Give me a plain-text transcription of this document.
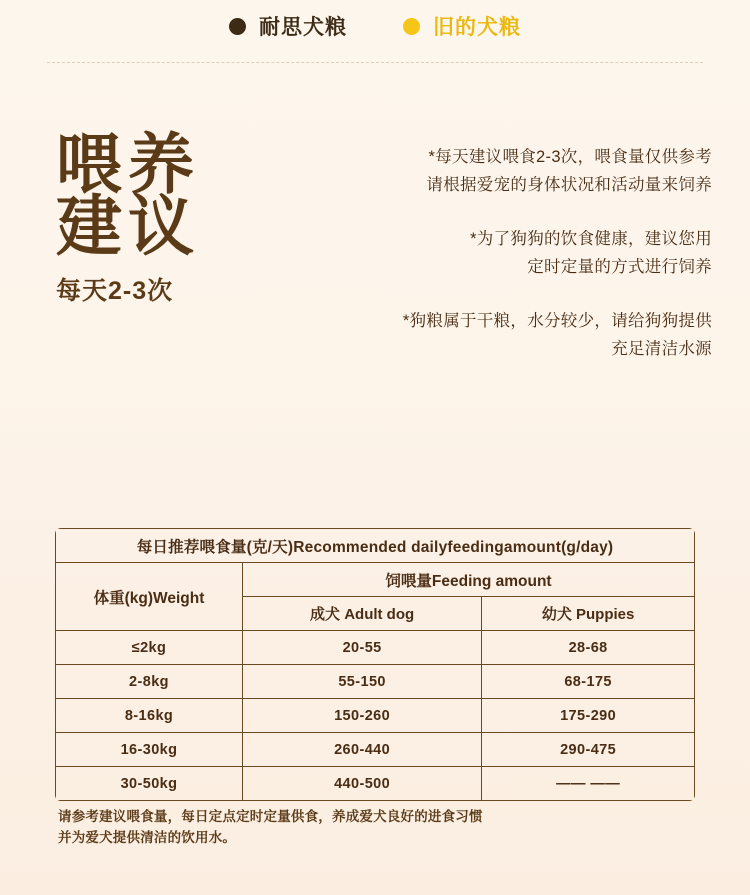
耐思犬粮	旧的犬粮
喂养
建议
每天2-3次
*每天建议喂食2-3次，喂食量仅供参考
请根据爱宠的身体状况和活动量来饲养
*为了狗狗的饮食健康，建议您用
定时定量的方式进行饲养
*狗粮属于干粮，水分较少，请给狗狗提供
充足清洁水源
每日推荐喂食量(克/天)Recommended dailyfeedingamount(g/day)		
体重(kg)Weight	饲喂量Feeding amount	
	成犬 Adult dog	幼犬 Puppies
≤2kg	20-55	28-68
2-8kg	55-150	68-175
8-16kg	150-260	175-290
16-30kg	260-440	290-475
30-50kg	440-500	—— ——
请参考建议喂食量，每日定点定时定量供食，养成爱犬良好的进食习惯
并为爱犬提供清洁的饮用水。
